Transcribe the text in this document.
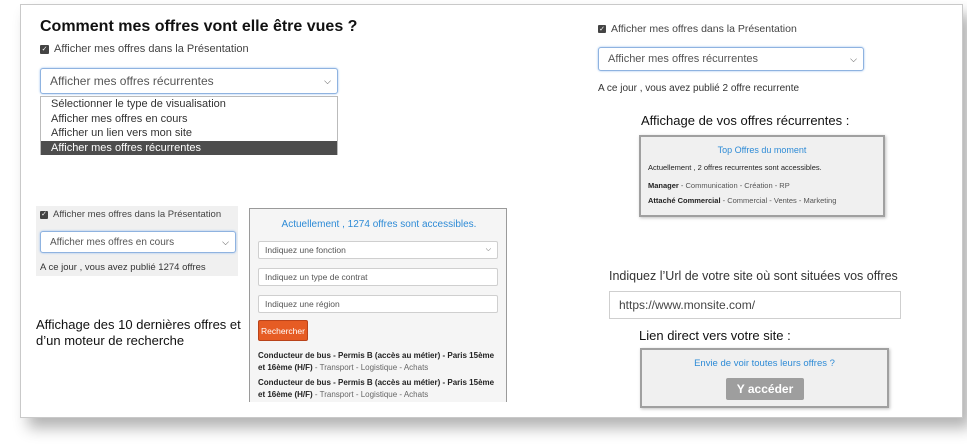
Comment mes offres vont elle être vues ?
✓ Afficher mes offres dans la Présentation
Afficher mes offres récurrentes	⌵
Sélectionner le type de visualisation
Afficher mes offres en cours
Afficher un lien vers mon site
Afficher mes offres récurrentes
✓ Afficher mes offres dans la Présentation
Afficher mes offres en cours	⌵
A ce jour , vous avez publié 1274 offres
Affichage des 10 dernières offres et d’un moteur de recherche
Actuellement , 1274 offres sont accessibles.
Indiquez une fonction	⌵
Indiquez un type de contrat
Indiquez une région
Rechercher
Conducteur de bus - Permis B (accès au métier) - Paris 15ème et 16ème (H/F) - Transport - Logistique - Achats
Conducteur de bus - Permis B (accès au métier) - Paris 15ème et 16ème (H/F) - Transport - Logistique - Achats
✓ Afficher mes offres dans la Présentation
Afficher mes offres récurrentes	⌵
A ce jour , vous avez publié 2 offre recurrente
Affichage de vos offres récurrentes :
Top Offres du moment
Actuellement , 2 offres recurrentes sont accessibles.
Manager - Communication - Création - RP
Attaché Commercial - Commercial - Ventes - Marketing
Indiquez l’Url de votre site où sont situées vos offres
https://www.monsite.com/
Lien direct vers votre site :
Envie de voir toutes leurs offres ?
Y accéder
